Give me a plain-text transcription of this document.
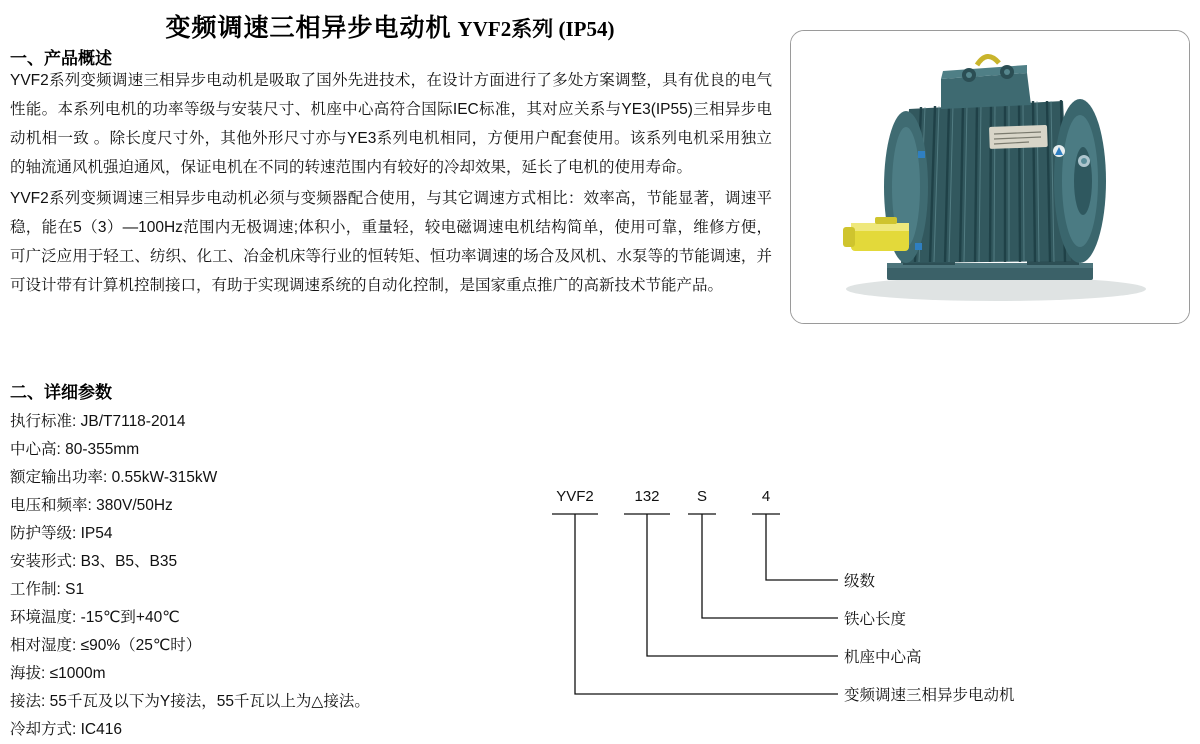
变频调速三相异步电动机 YVF2系列 (IP54)
一、产品概述

YVF2系列变频调速三相异步电动机是吸取了国外先进技术，在设计方面进行了多处方案调整，具有优良的电气性能。本系列电机的功率等级与安装尺寸、机座中心高符合国际IEC标准，其对应关系与YE3(IP55)三相异步电动机相一致 。除长度尺寸外，其他外形尺寸亦与YE3系列电机相同，方便用户配套使用。该系列电机采用独立的轴流通风机强迫通风，保证电机在不同的转速范围内有较好的冷却效果，延长了电机的使用寿命。

YVF2系列变频调速三相异步电动机必须与变频器配合使用，与其它调速方式相比：效率高，节能显著，调速平稳，能在5（3）—100Hz范围内无极调速;体积小，重量轻，较电磁调速电机结构简单，使用可靠，维修方便，可广泛应用于轻工、纺织、化工、冶金机床等行业的恒转矩、恒功率调速的场合及风机、水泵等的节能调速，并可设计带有计算机控制接口，有助于实现调速系统的自动化控制，是国家重点推广的高新技术节能产品。

二、详细参数
执行标准: JB/T7118-2014
中心高: 80-355mm
额定输出功率: 0.55kW-315kW
电压和频率: 380V/50Hz
防护等级: IP54
安装形式: B3、B5、B35
工作制: S1
环境温度: -15℃到+40℃
相对湿度: ≤90%（25℃时）
海拔: ≤1000m
接法: 55千瓦及以下为Y接法，55千瓦以上为△接法。
冷却方式: IC416
YVF2	132	S	4
级数
铁心长度
机座中心高
变频调速三相异步电动机
